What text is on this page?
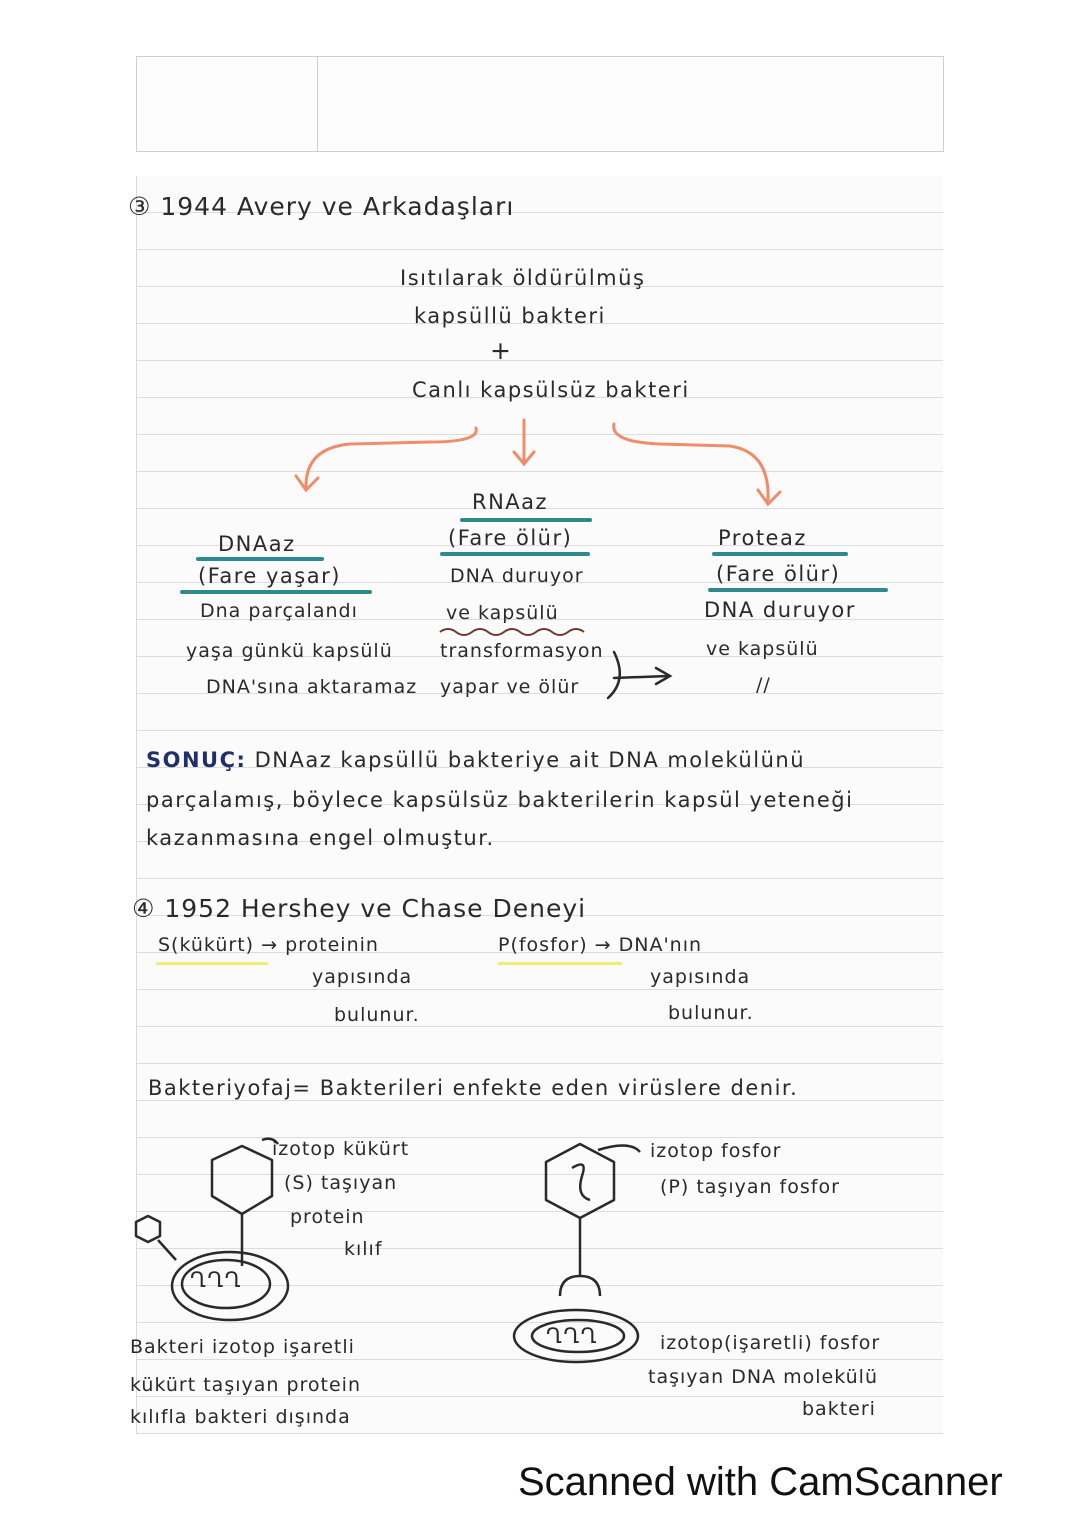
③ 1944 Avery ve Arkadaşları
Isıtılarak öldürülmüş
kapsüllü bakteri
+
Canlı kapsülsüz bakteri
DNAaz
(Fare yaşar)
Dna parçalandı
yaşa günkü kapsülü
DNA'sına aktaramaz
RNAaz
(Fare ölür)
DNA duruyor
ve kapsülü
transformasyon
yapar ve ölür
Proteaz
(Fare ölür)
DNA duruyor
ve kapsülü
//
SONUÇ: DNAaz kapsüllü bakteriye ait DNA molekülünü
parçalamış, böylece kapsülsüz bakterilerin kapsül yeteneği
kazanmasına engel olmuştur.
④ 1952 Hershey ve Chase Deneyi
S(kükürt) → proteinin
yapısında
bulunur.
P(fosfor) → DNA'nın
yapısında
bulunur.
Bakteriyofaj= Bakterileri enfekte eden virüslere denir.
izotop kükürt
(S) taşıyan
protein
kılıf
ՂՂՂ
Bakteri izotop işaretli
kükürt taşıyan protein
kılıfla bakteri dışında
izotop fosfor
(P) taşıyan fosfor
ՂՂՂ	izotop(işaretli) fosfor
taşıyan DNA molekülü
bakteri
Scanned with CamScanner
